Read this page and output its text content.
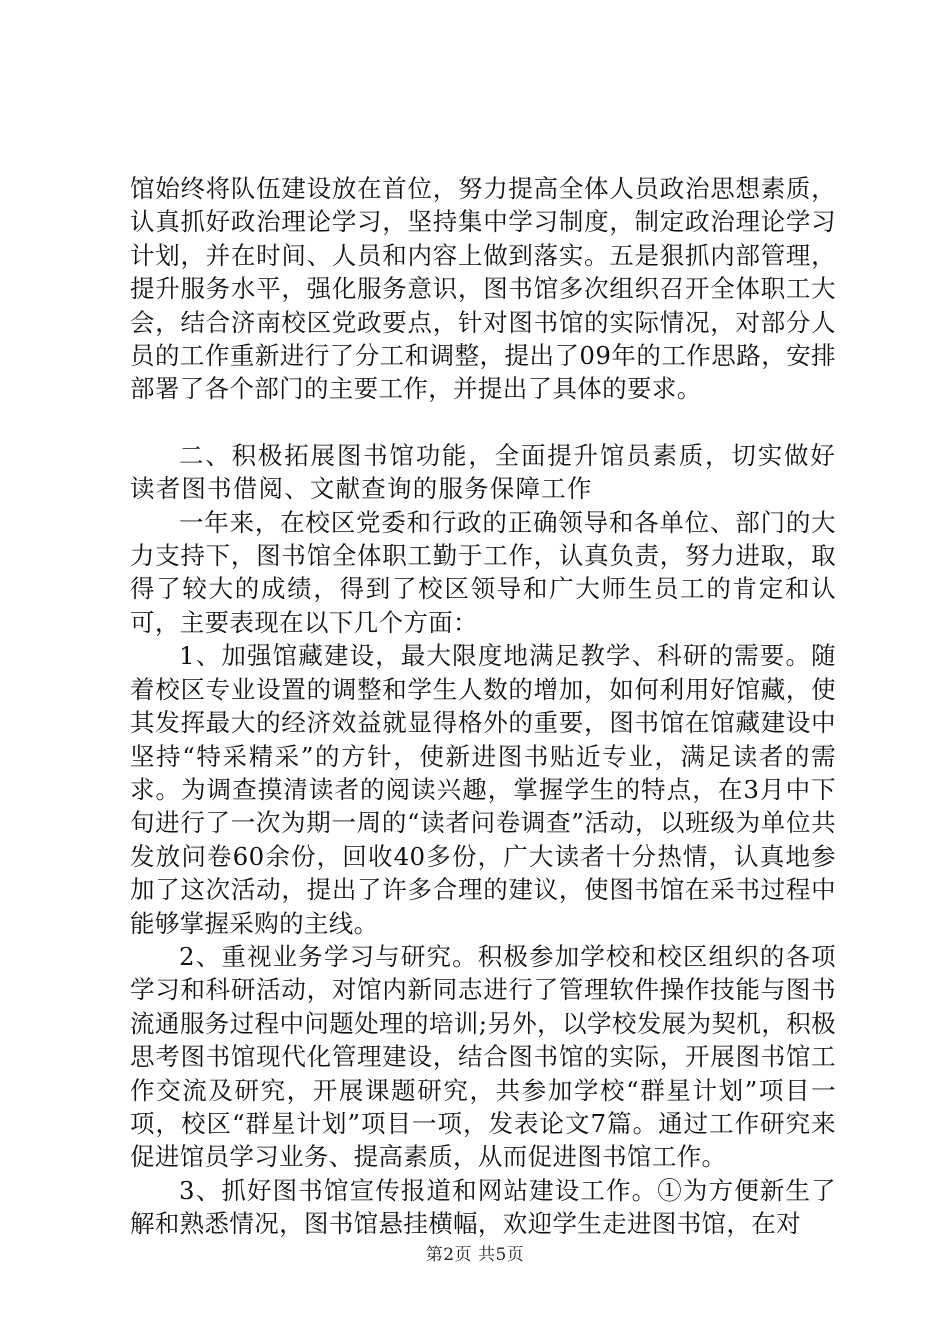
馆始终将队伍建设放在首位，努力提高全体人员政治思想素质，认真抓好政治理论学习，坚持集中学习制度，制定政治理论学习计划，并在时间、人员和内容上做到落实。五是狠抓内部管理，提升服务水平，强化服务意识，图书馆多次组织召开全体职工大会，结合济南校区党政要点，针对图书馆的实际情况，对部分人员的工作重新进行了分工和调整，提出了09年的工作思路，安排部署了各个部门的主要工作，并提出了具体的要求。

二、积极拓展图书馆功能，全面提升馆员素质，切实做好读者图书借阅、文献查询的服务保障工作

一年来，在校区党委和行政的正确领导和各单位、部门的大力支持下，图书馆全体职工勤于工作，认真负责，努力进取，取得了较大的成绩，得到了校区领导和广大师生员工的肯定和认可，主要表现在以下几个方面：

1、加强馆藏建设，最大限度地满足教学、科研的需要。随着校区专业设置的调整和学生人数的增加，如何利用好馆藏，使其发挥最大的经济效益就显得格外的重要，图书馆在馆藏建设中坚持“特采精采”的方针，使新进图书贴近专业，满足读者的需求。为调查摸清读者的阅读兴趣，掌握学生的特点，在3月中下旬进行了一次为期一周的“读者问卷调查”活动，以班级为单位共发放问卷60余份，回收40多份，广大读者十分热情，认真地参加了这次活动，提出了许多合理的建议，使图书馆在采书过程中能够掌握采购的主线。

2、重视业务学习与研究。积极参加学校和校区组织的各项学习和科研活动，对馆内新同志进行了管理软件操作技能与图书流通服务过程中问题处理的培训;另外，以学校发展为契机，积极思考图书馆现代化管理建设，结合图书馆的实际，开展图书馆工作交流及研究，开展课题研究，共参加学校“群星计划”项目一项，校区“群星计划”项目一项，发表论文7篇。通过工作研究来促进馆员学习业务、提高素质，从而促进图书馆工作。

3、抓好图书馆宣传报道和网站建设工作。①为方便新生了解和熟悉情况，图书馆悬挂横幅，欢迎学生走进图书馆，在对

第2页 共5页
